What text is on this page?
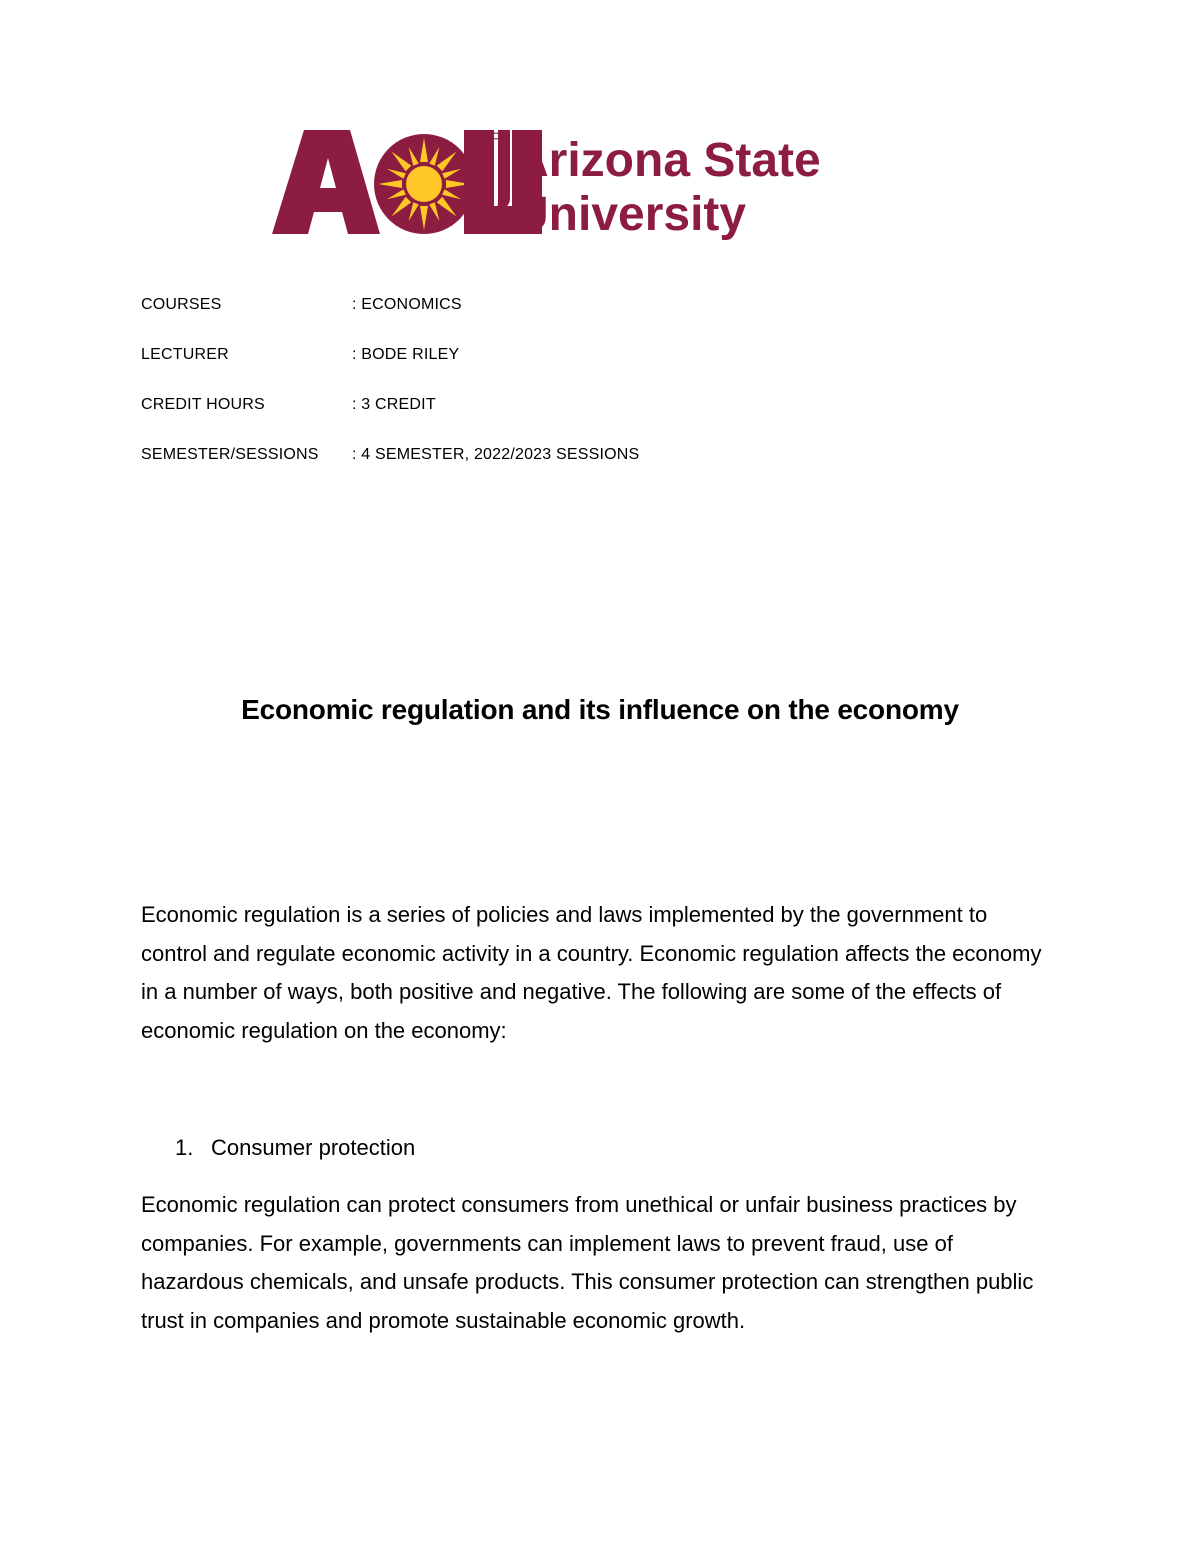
Arizona State
University
COURSES	: ECONOMICS
LECTURER	: BODE RILEY
CREDIT HOURS	: 3 CREDIT
SEMESTER/SESSIONS : 4 SEMESTER, 2022/2023 SESSIONS
Economic regulation and its influence on the economy

Economic regulation is a series of policies and laws implemented by the government to control and regulate economic activity in a country. Economic regulation affects the economy in a number of ways, both positive and negative. The following are some of the effects of economic regulation on the economy:

1. Consumer protection

Economic regulation can protect consumers from unethical or unfair business practices by companies. For example, governments can implement laws to prevent fraud, use of hazardous chemicals, and unsafe products. This consumer protection can strengthen public trust in companies and promote sustainable economic growth.
